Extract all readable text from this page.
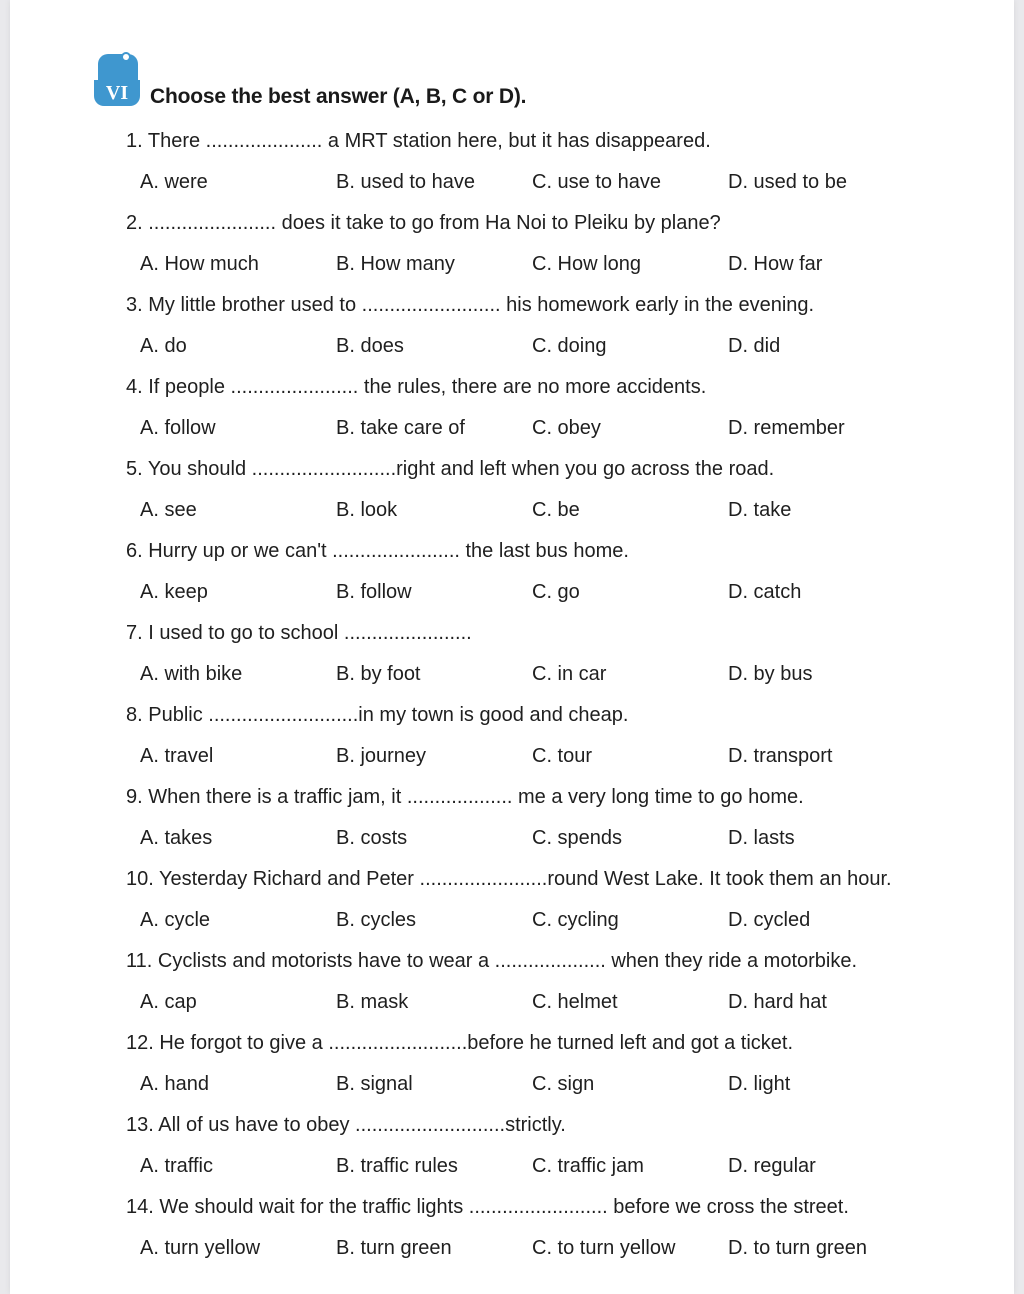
VI	Choose the best answer (A, B, C or D).
1. There ..................... a MRT station here, but it has disappeared.
A. were	B. used to have	C. use to have	D. used to be
2. ....................... does it take to go from Ha Noi to Pleiku by plane?
A. How much	B. How many	C. How long	D. How far
3. My little brother used to ......................... his homework early in the evening.
A. do	B. does	C. doing	D. did
4. If people ....................... the rules, there are no more accidents.
A. follow	B. take care of	C. obey	D. remember
5. You should ..........................right and left when you go across the road.
A. see	B. look	C. be	D. take
6. Hurry up or we can't ....................... the last bus home.
A. keep	B. follow	C. go	D. catch
7. I used to go to school .......................
A. with bike	B. by foot	C. in car	D. by bus
8. Public ...........................in my town is good and cheap.
A. travel	B. journey	C. tour	D. transport
9. When there is a traffic jam, it ................... me a very long time to go home.
A. takes	B. costs	C. spends	D. lasts
10. Yesterday Richard and Peter .......................round West Lake. It took them an hour.
A. cycle	B. cycles	C. cycling	D. cycled
11. Cyclists and motorists have to wear a .................... when they ride a motorbike.
A. cap	B. mask	C. helmet	D. hard hat
12. He forgot to give a .........................before he turned left and got a ticket.
A. hand	B. signal	C. sign	D. light
13. All of us have to obey ...........................strictly.
A. traffic	B. traffic rules	C. traffic jam	D. regular
14. We should wait for the traffic lights ......................... before we cross the street.
A. turn yellow	B. turn green	C. to turn yellow	D. to turn green
